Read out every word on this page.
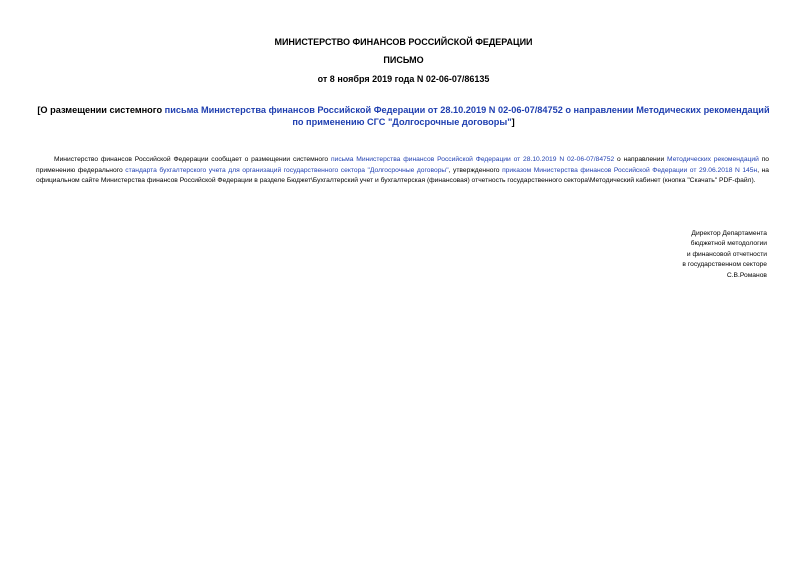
МИНИСТЕРСТВО ФИНАНСОВ РОССИЙСКОЙ ФЕДЕРАЦИИ
ПИСЬМО
от 8 ноября 2019 года N 02-06-07/86135
[О размещении системного письма Министерства финансов Российской Федерации от 28.10.2019 N 02-06-07/84752 о направлении Методических рекомендаций по применению СГС "Долгосрочные договоры"]
Министерство финансов Российской Федерации сообщает о размещении системного письма Министерства финансов Российской Федерации от 28.10.2019 N 02-06-07/84752 о направлении Методических рекомендаций по применению федерального стандарта бухгалтерского учета для организаций государственного сектора "Долгосрочные договоры", утвержденного приказом Министерства финансов Российской Федерации от 29.06.2018 N 145н, на официальном сайте Министерства финансов Российской Федерации в разделе Бюджет\Бухгалтерский учет и бухгалтерская (финансовая) отчетность государственного сектора\Методический кабинет (кнопка "Скачать" PDF-файл).
Директор Департамента
бюджетной методологии
и финансовой отчетности
в государственном секторе
С.В.Романов
